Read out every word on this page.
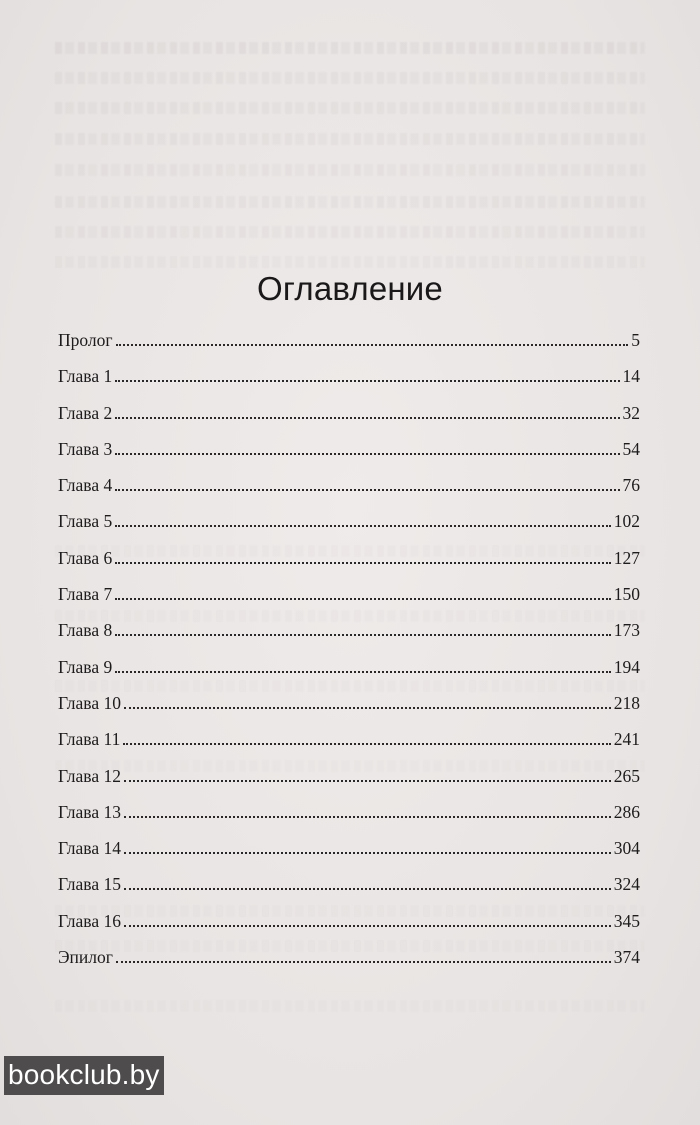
Оглавление
Пролог	5
Глава 1	14
Глава 2	32
Глава 3	54
Глава 4	76
Глава 5	102
Глава 6	127
Глава 7	150
Глава 8	173
Глава 9	194
Глава 10	218
Глава 11	241
Глава 12	265
Глава 13	286
Глава 14	304
Глава 15	324
Глава 16	345
Эпилог	374
bookclub.by
